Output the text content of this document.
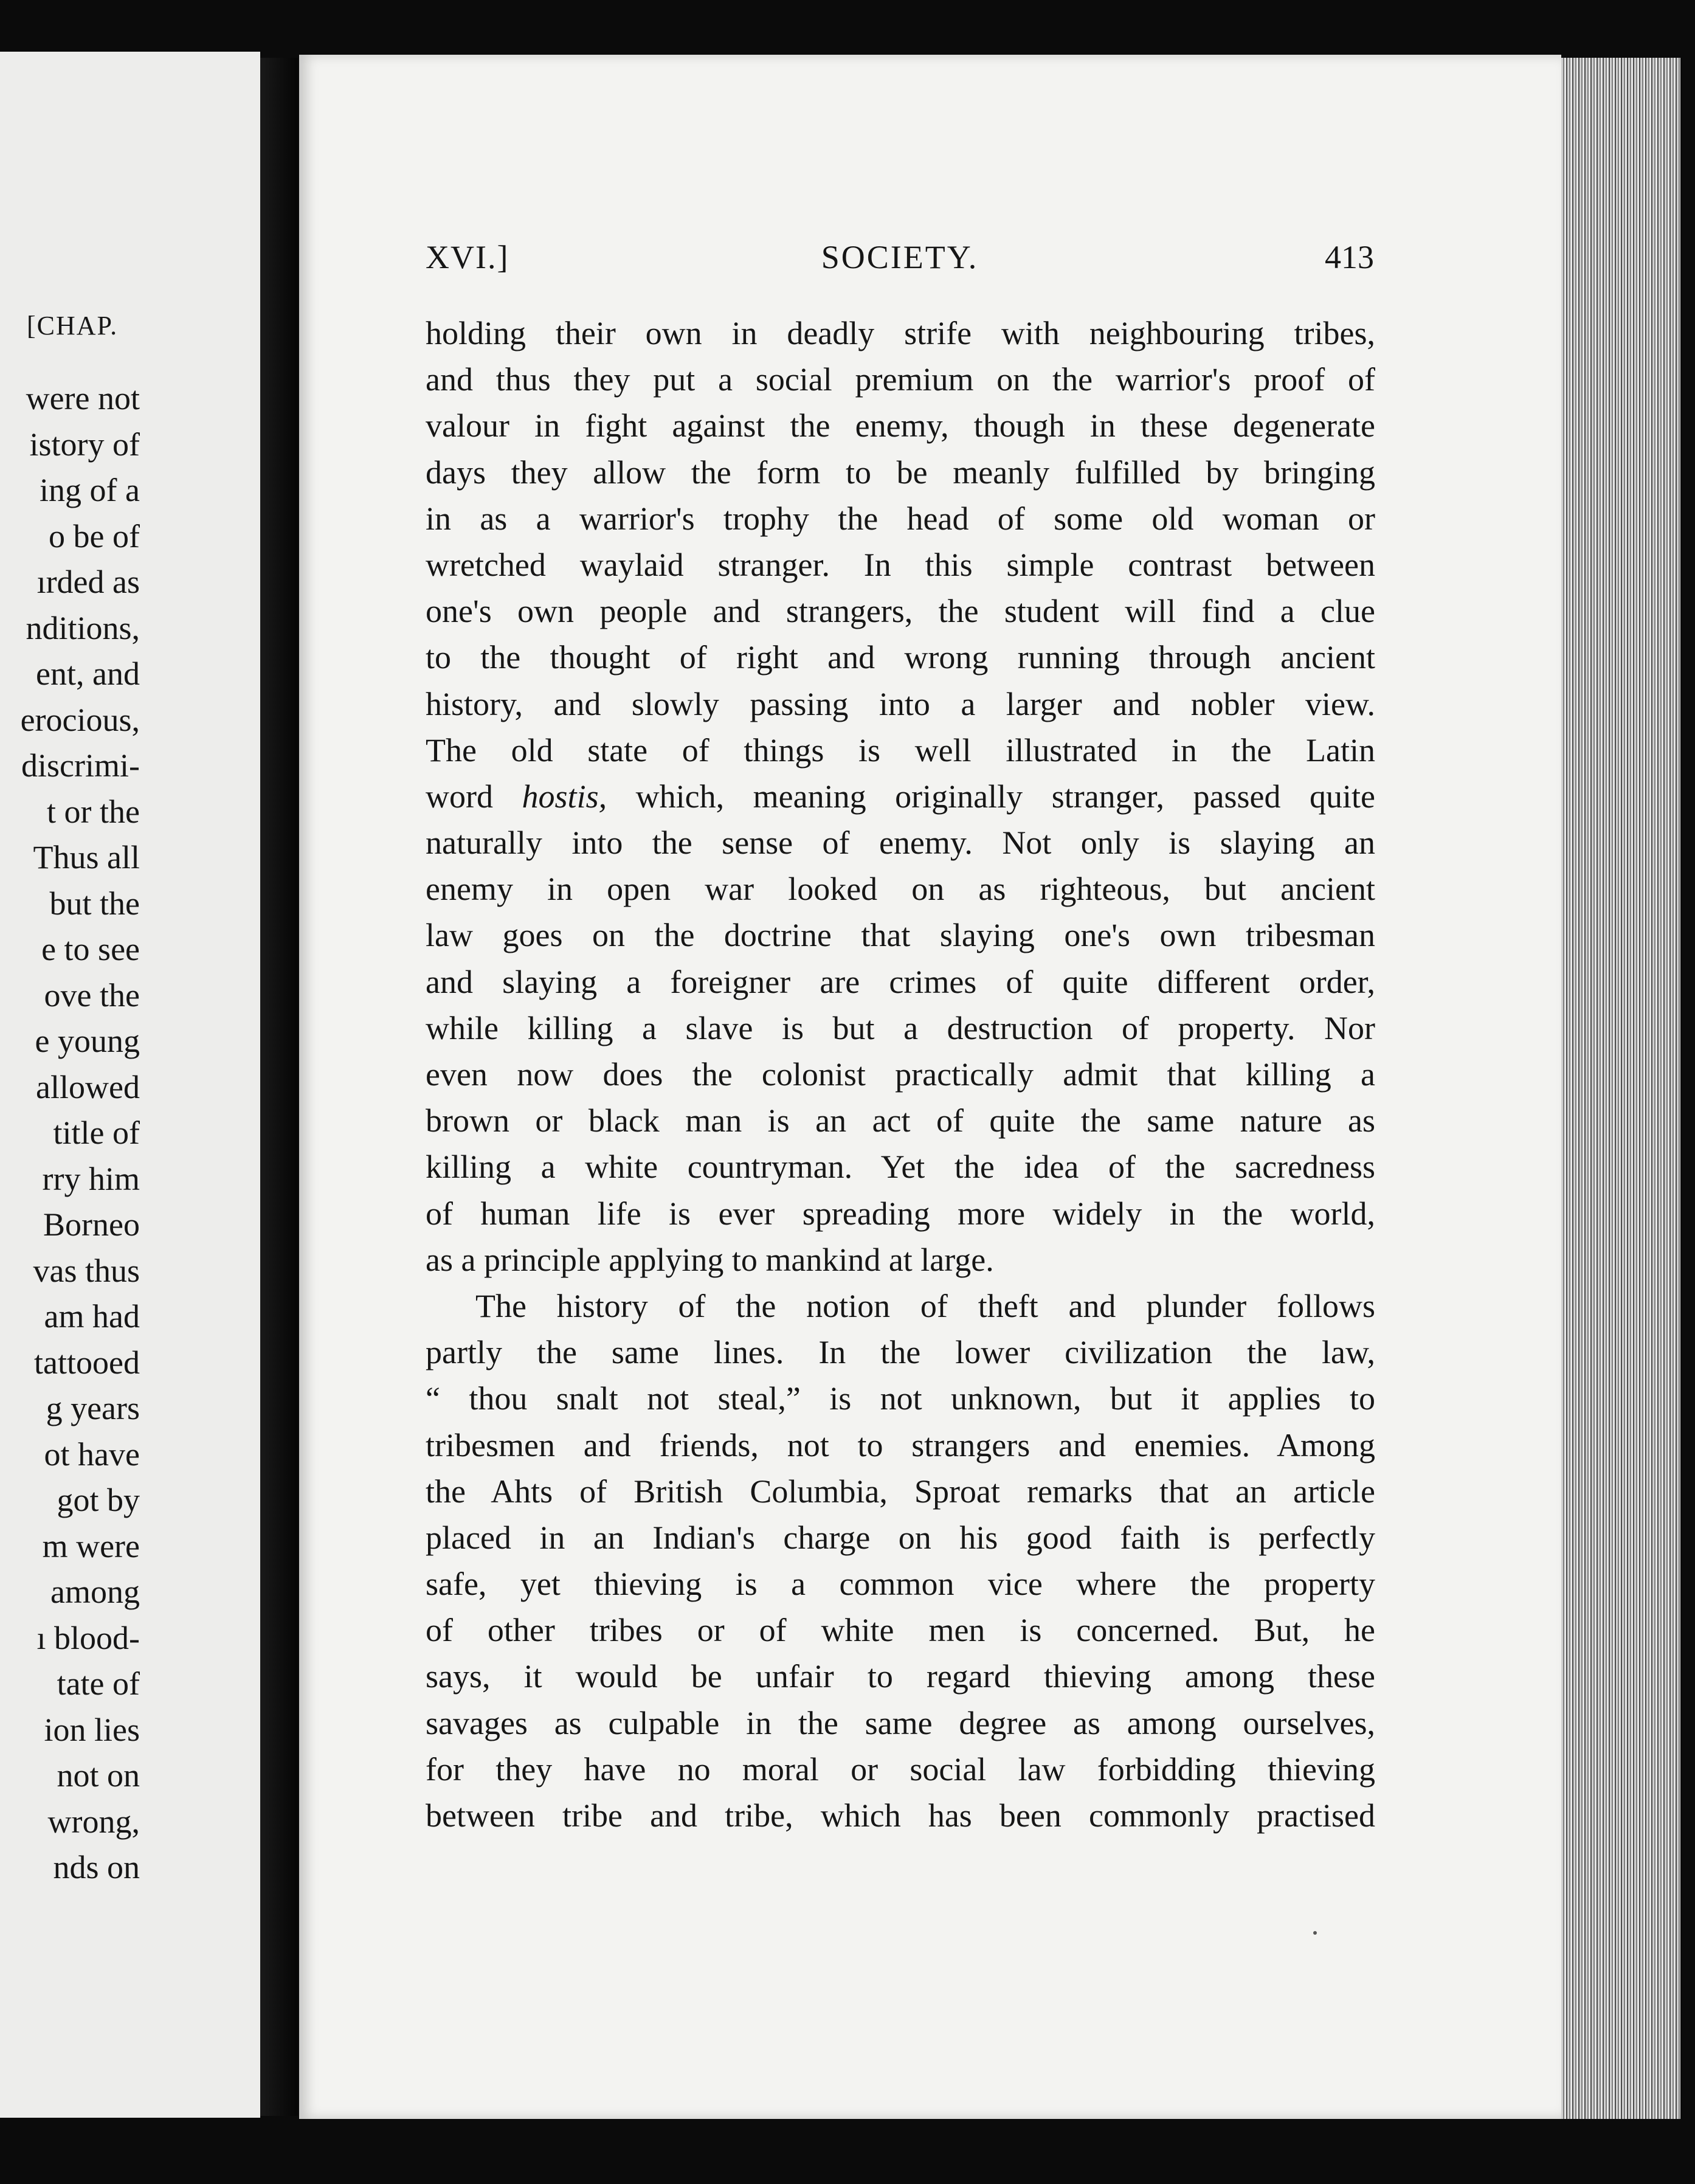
[CHAP.
were not
istory of
ing of a
o be of
ırded as
nditions,
ent, and
erocious,
discrimi-
t or the
Thus all
but the
e to see
ove the
e young
allowed
title of
rry him
Borneo
vas thus
am had
tattooed
g years
ot have
got by
m were
among
ı blood-
tate of
ion lies
not on
wrong,
nds on
XVI.]	SOCIETY.	413
holding their own in deadly strife with neighbouring tribes,
and thus they put a social premium on the warrior's proof of
valour in fight against the enemy, though in these degenerate
days they allow the form to be meanly fulfilled by bringing
in as a warrior's trophy the head of some old woman or
wretched waylaid stranger. In this simple contrast between
one's own people and strangers, the student will find a clue
to the thought of right and wrong running through ancient
history, and slowly passing into a larger and nobler view.
The old state of things is well illustrated in the Latin
word hostis, which, meaning originally stranger, passed quite
naturally into the sense of enemy. Not only is slaying an
enemy in open war looked on as righteous, but ancient
law goes on the doctrine that slaying one's own tribesman
and slaying a foreigner are crimes of quite different order,
while killing a slave is but a destruction of property. Nor
even now does the colonist practically admit that killing a
brown or black man is an act of quite the same nature as
killing a white countryman. Yet the idea of the sacredness
of human life is ever spreading more widely in the world,
as a principle applying to mankind at large.
The history of the notion of theft and plunder follows
partly the same lines. In the lower civilization the law,
“ thou snalt not steal,” is not unknown, but it applies to
tribesmen and friends, not to strangers and enemies. Among
the Ahts of British Columbia, Sproat remarks that an article
placed in an Indian's charge on his good faith is perfectly
safe, yet thieving is a common vice where the property
of other tribes or of white men is concerned. But, he
says, it would be unfair to regard thieving among these
savages as culpable in the same degree as among ourselves,
for they have no moral or social law forbidding thieving
between tribe and tribe, which has been commonly practised
